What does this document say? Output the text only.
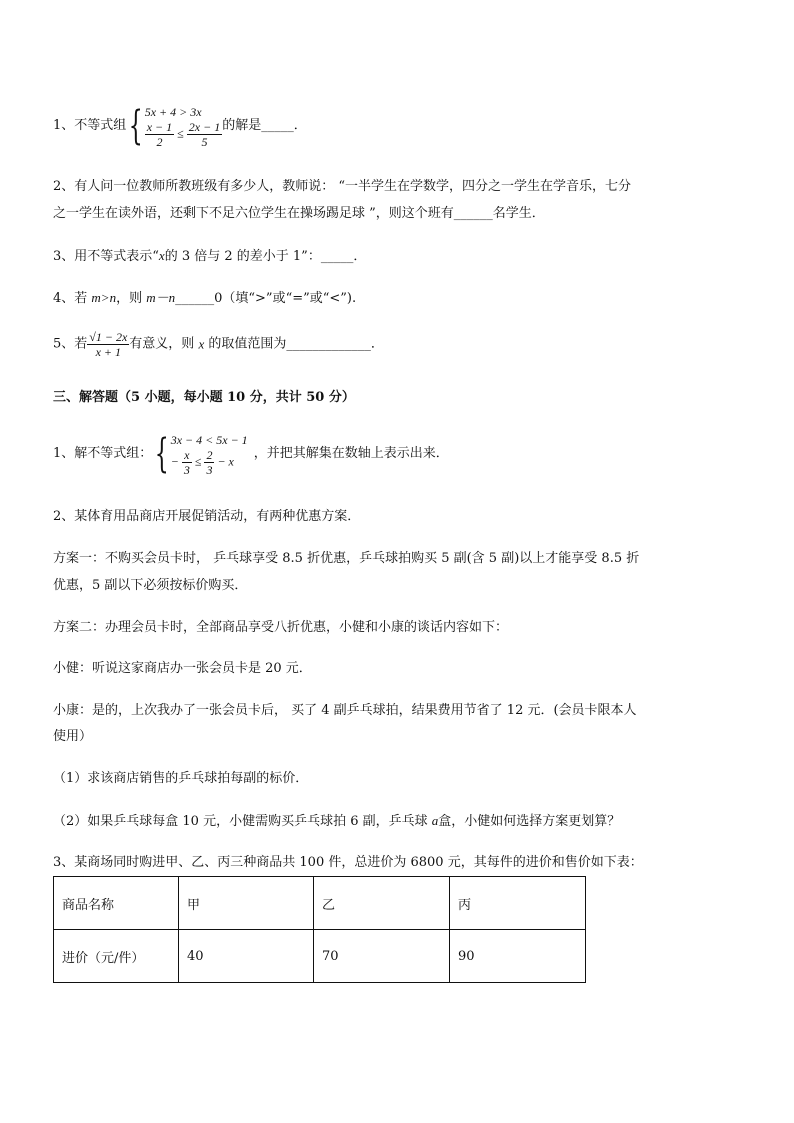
1、不等式组{ 5x + 4 > 3x
$\frac{x - 1}{2} \le \frac{2x - 1}{5}$ 的解是_____．
2、有人问一位教师所教班级有多少人，教师说： “一半学生在学数学，四分之一学生在学音乐，七分
之一学生在读外语，还剩下不足六位学生在操场踢足球 ”，则这个班有______名学生．
3、用不等式表示“x的 3 倍与 2 的差小于 1”：_____．
4、若 m>n，则 m－n______0（填“>”或“=”或“<”).
5、若 $\frac{√1 - 2x}{x + 1}$ 有意义，则 x 的取值范围为_____________．
三、解答题（5 小题，每小题 10 分，共计 50 分）
1、解不等式组：{ 3x − 4 < 5x − 1
− $\frac{x}{3} \le \frac{2}{3} - x$	，并把其解集在数轴上表示出来．
2、某体育用品商店开展促销活动，有两种优惠方案．
方案一：不购买会员卡时， 乒乓球享受 8.5 折优惠，乒乓球拍购买 5 副(含 5 副)以上才能享受 8.5 折
优惠，5 副以下必须按标价购买．
方案二：办理会员卡时，全部商品享受八折优惠，小健和小康的谈话内容如下：
小健：听说这家商店办一张会员卡是 20 元．
小康：是的，上次我办了一张会员卡后， 买了 4 副乒乓球拍，结果费用节省了 12 元．(会员卡限本人
使用）
（1）求该商店销售的乒乓球拍每副的标价．
（2）如果乒乓球每盒 10 元，小健需购买乒乓球拍 6 副，乒乓球 a盒，小健如何选择方案更划算？
3、某商场同时购进甲、乙、丙三种商品共 100 件，总进价为 6800 元，其每件的进价和售价如下表：
商品名称	甲	乙	丙
进价（元/件）	40	70	90
